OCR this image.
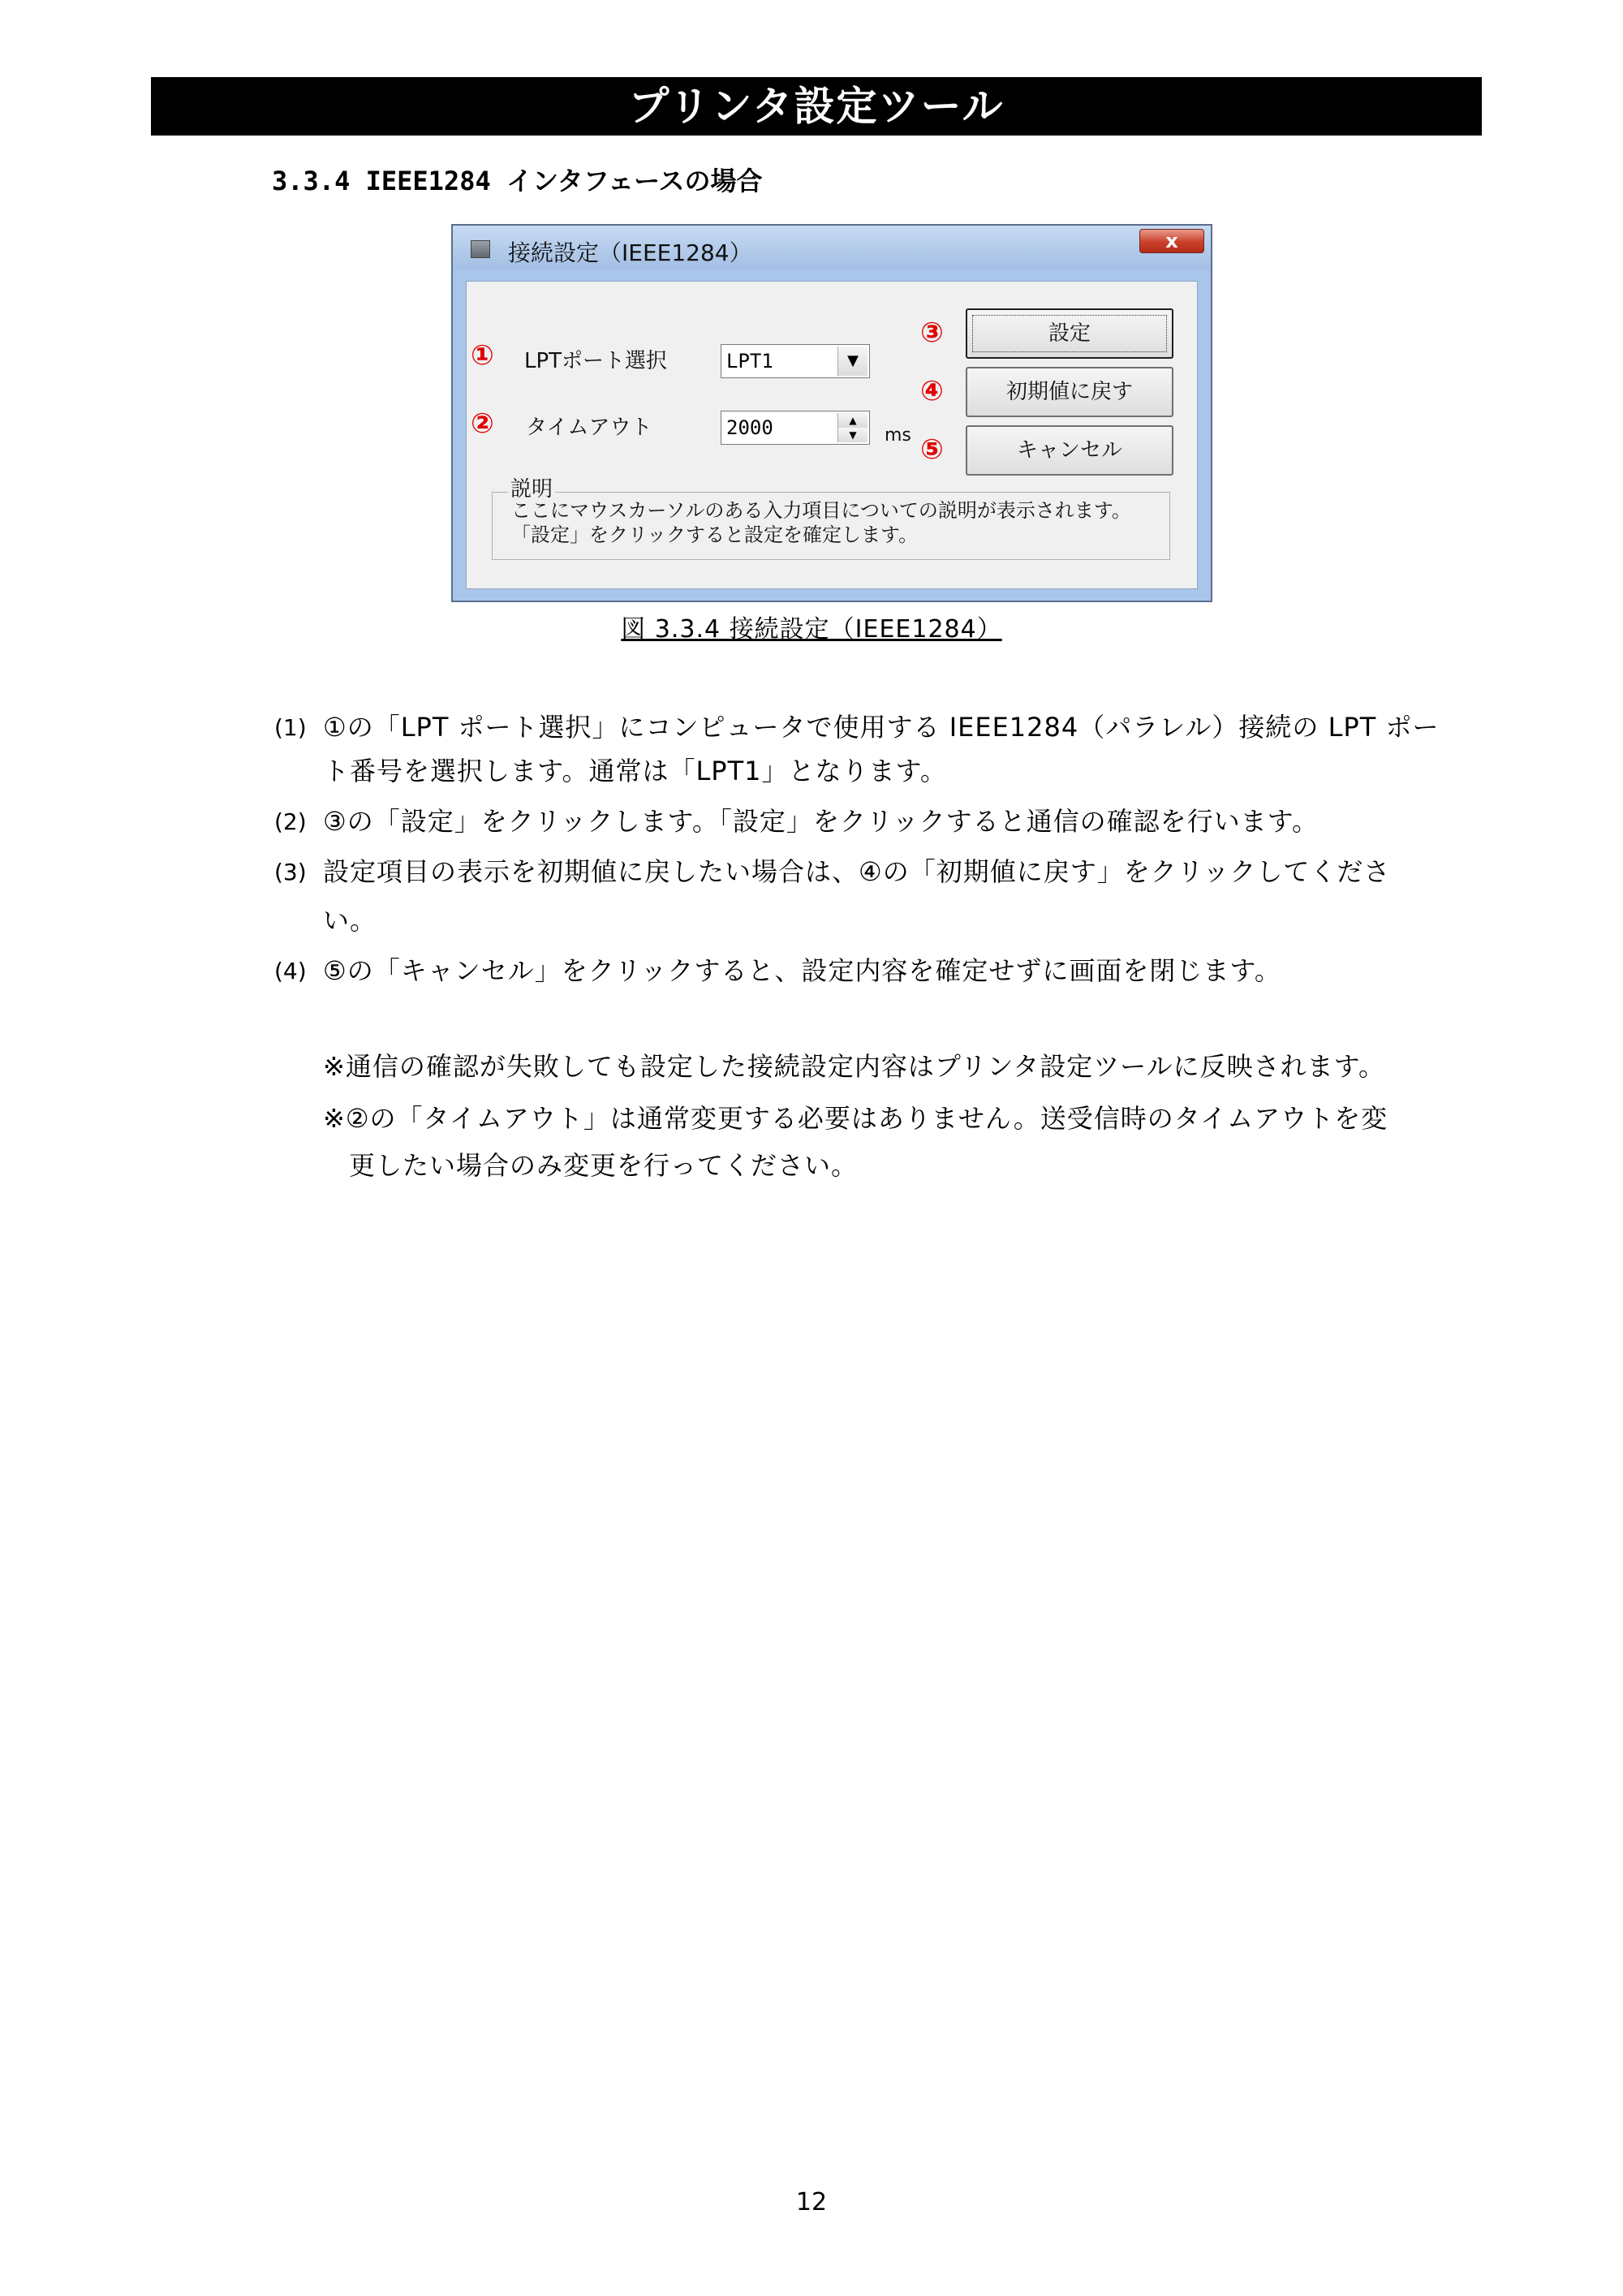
プリンタ設定ツール
3.3.4 IEEE1284 インタフェースの場合
接続設定（IEEE1284）	x
① LPTポート選択	LPT1	▼
② タイムアウト	2000	▲
▼	ms
③	設定
④	初期値に戻す
⑤	キャンセル
説明
ここにマウスカーソルのある入力項目についての説明が表示されます。
「設定」をクリックすると設定を確定します。
図 3.3.4 接続設定（IEEE1284）
(1) ①の「LPT ポート選択」にコンピュータで使用する IEEE1284（パラレル）接続の LPT ポー
ト番号を選択します。通常は「LPT1」となります。
(2) ③の「設定」をクリックします。「設定」をクリックすると通信の確認を行います。
(3) 設定項目の表示を初期値に戻したい場合は、④の「初期値に戻す」をクリックしてくださ
い。
(4) ⑤の「キャンセル」をクリックすると、設定内容を確定せずに画面を閉じます。
※通信の確認が失敗しても設定した接続設定内容はプリンタ設定ツールに反映されます。
※②の「タイムアウト」は通常変更する必要はありません。送受信時のタイムアウトを変
更したい場合のみ変更を行ってください。
12
